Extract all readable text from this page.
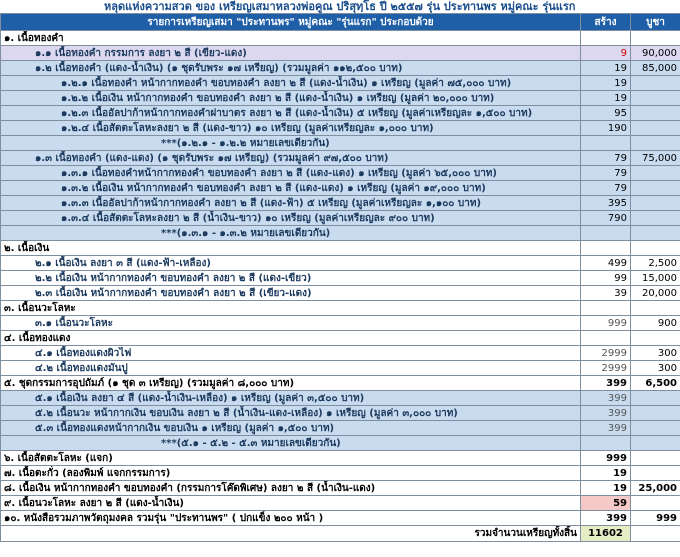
หลุดแห่งความสวด ของ เหรียญเสมาหลวงพ่อคูณ ปริสุทฺโธ ปี ๒๕๕๗ รุ่น ประทานพร หมู่คณะ รุ่นแรก
รายการเหรียญเสมา "ประทานพร" หมู่คณะ "รุ่นแรก" ประกอบด้วย	สร้าง	บูชา
๑. เนื้อทองคำ		
๑.๑ เนื้อทองคำ กรรมการ ลงยา ๒ สี (เขียว-แดง)	9	90,000
๑.๒ เนื้อทองคำ (แดง-น้ำเงิน) (๑ ชุดรับพระ ๑๗ เหรียญ) (รวมมูลค่า ๑๑๒,๕๐๐ บาท)	19	85,000
๑.๒.๑ เนื้อทองคำ หน้ากากทองคำ ขอบทองคำ ลงยา ๒ สี (แดง-น้ำเงิน) ๑ เหรียญ (มูลค่า ๗๕,๐๐๐ บาท)	19	
๑.๒.๒ เนื้อเงิน หน้ากากทองคำ ขอบทองคำ ลงยา ๒ สี (แดง-น้ำเงิน) ๑ เหรียญ (มูลค่า ๒๐,๐๐๐ บาท)	19	
๑.๒.๓ เนื้ออัลปาก้าหน้ากากทองคำฝาบาตร ลงยา ๒ สี (แดง-น้ำเงิน) ๕ เหรียญ (มูลค่าเหรียญละ ๑,๕๐๐ บาท)	95	
๑.๒.๔ เนื้อสัตตะโลหะลงยา ๒ สี (แดง-ขาว) ๑๐ เหรียญ (มูลค่าเหรียญละ ๑,๐๐๐ บาท)	190	
***(๑.๒.๑ - ๑.๒.๒ หมายเลขเดียวกัน)		
๑.๓ เนื้อทองคำ (แดง-แดง) (๑ ชุดรับพระ ๑๗ เหรียญ) (รวมมูลค่า ๙๗,๕๐๐ บาท)	79	75,000
๑.๓.๑ เนื้อทองคำหน้ากากทองคำ ขอบทองคำ ลงยา ๒ สี (แดง-แดง) ๑ เหรียญ (มูลค่า ๖๕,๐๐๐ บาท)	79	
๑.๓.๒ เนื้อเงิน หน้ากากทองคำ ขอบทองคำ ลงยา ๒ สี (แดง-แดง) ๑ เหรียญ (มูลค่า ๑๙,๐๐๐ บาท)	79	
๑.๓.๓ เนื้ออัลปาก้าหน้ากากทองคำ ลงยา ๒ สี (แดง-ฟ้า) ๕ เหรียญ (มูลค่าเหรียญละ ๑,๑๐๐ บาท)	395	
๑.๓.๔ เนื้อสัตตะโลหะลงยา ๒ สี (น้ำเงิน-ขาว) ๑๐ เหรียญ (มูลค่าเหรียญละ ๙๐๐ บาท)	790	
***(๑.๓.๑ - ๑.๓.๒ หมายเลขเดียวกัน)		
๒. เนื้อเงิน		
๒.๑ เนื้อเงิน ลงยา ๓ สี (แดง-ฟ้า-เหลือง)	499	2,500
๒.๒ เนื้อเงิน หน้ากากทองคำ ขอบทองคำ ลงยา ๒ สี (แดง-เขียว)	99	15,000
๒.๓ เนื้อเงิน หน้ากากทองคำ ขอบทองคำ ลงยา ๒ สี (เขียว-แดง)	39	20,000
๓. เนื้อนวะโลหะ		
๓.๑ เนื้อนวะโลหะ	999	900
๔. เนื้อทองแดง		
๔.๑ เนื้อทองแดงผิวไฟ	2999	300
๔.๒ เนื้อทองแดงมันปู	2999	300
๕. ชุดกรรมการอุปถัมภ์ (๑ ชุด ๓ เหรียญ) (รวมมูลค่า ๘,๐๐๐ บาท)	399	6,500
๕.๑ เนื้อเงิน ลงยา ๔ สี (แดง-น้ำเงิน-เหลือง) ๑ เหรียญ (มูลค่า ๓,๕๐๐ บาท)	399	
๕.๒ เนื้อนวะ หน้ากากเงิน ขอบเงิน ลงยา ๒ สี (น้ำเงิน-แดง-เหลือง) ๑ เหรียญ (มูลค่า ๓,๐๐๐ บาท)	399	
๕.๓ เนื้อทองแดงหน้ากากเงิน ขอบเงิน ๑ เหรียญ (มูลค่า ๑,๕๐๐ บาท)	399	
***(๕.๑ - ๕.๒ - ๕.๓ หมายเลขเดียวกัน)		
๖. เนื้อสัตตะโลหะ (แจก)	999	
๗. เนื้อตะกั่ว (ลองพิมพ์ แจกกรรมการ)	19	
๘. เนื้อเงิน หน้ากากทองคำ ขอบทองคำ (กรรมการโค๊ดพิเศษ) ลงยา ๒ สี (น้ำเงิน-แดง)	19	25,000
๙. เนื้อนวะโลหะ ลงยา ๒ สี (แดง-น้ำเงิน)	59	
๑๐. หนังสือรวมภาพวัตถุมงคล รวมรุ่น "ประทานพร" ( ปกแข็ง ๒๐๐ หน้า )	399	999
รวมจำนวนเหรียญทั้งสิ้น	11602	
